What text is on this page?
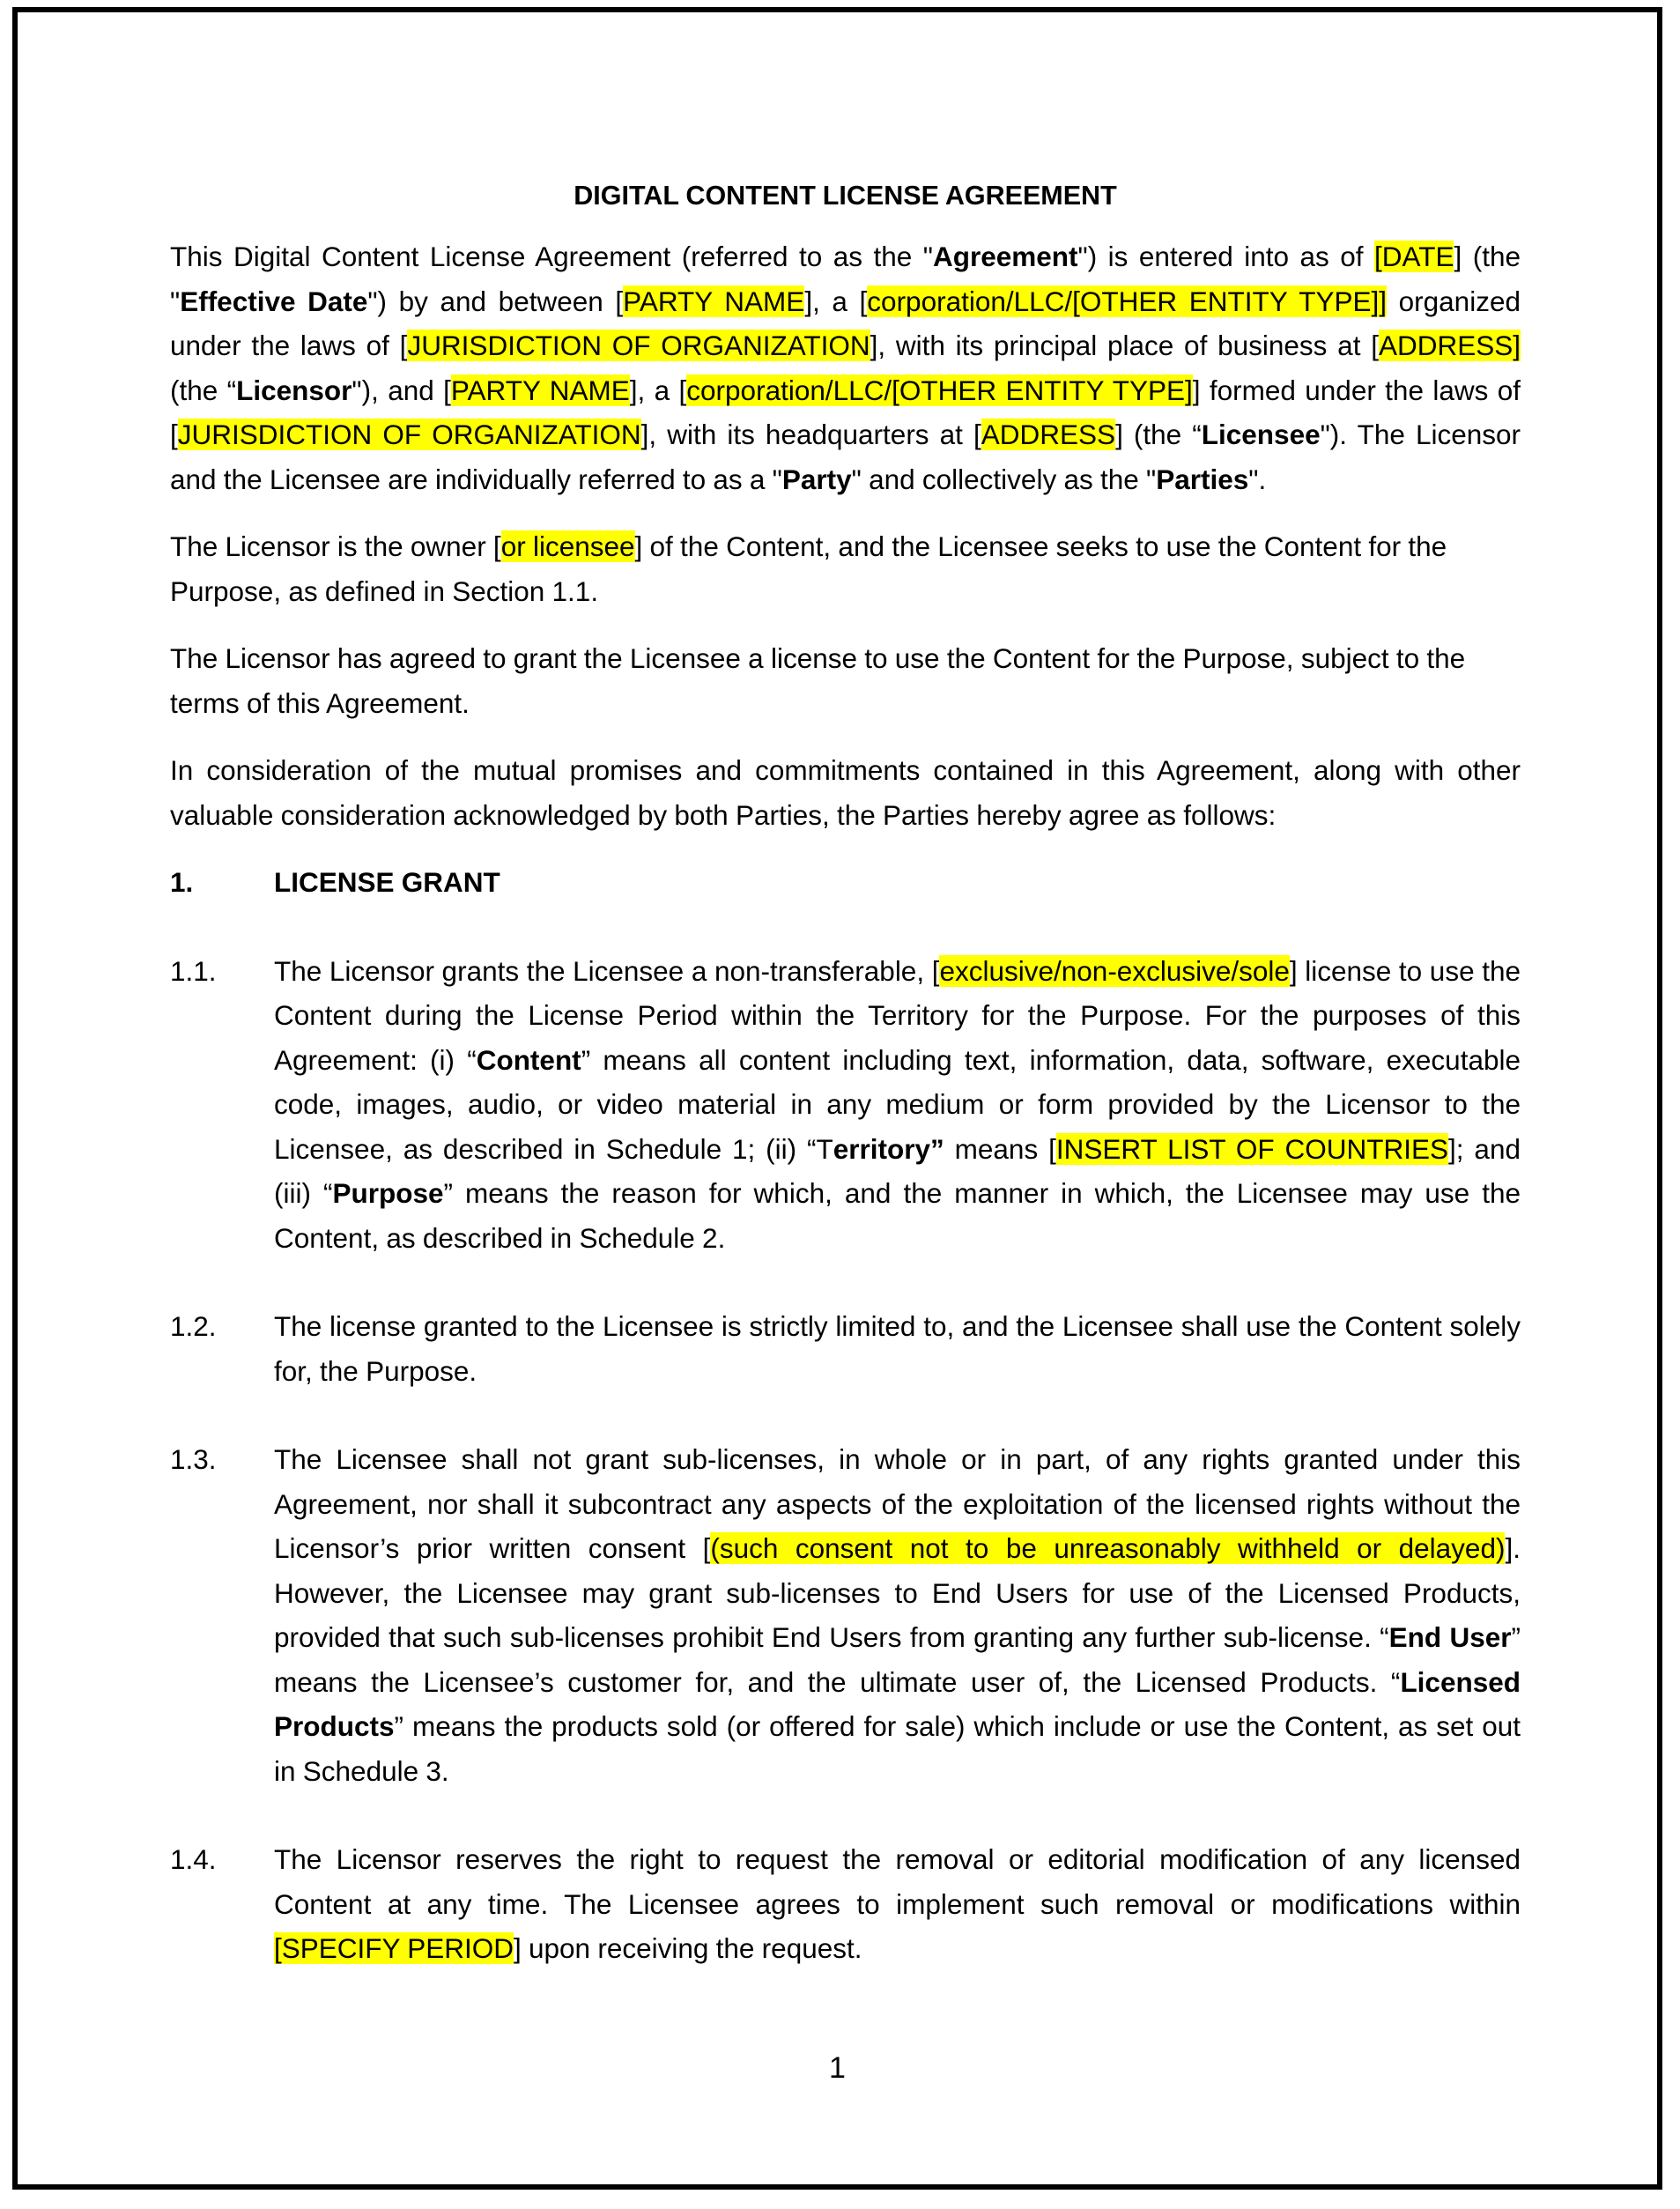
DIGITAL CONTENT LICENSE AGREEMENT

This Digital Content License Agreement (referred to as the "Agreement") is entered into as of [DATE] (the "Effective Date") by and between [PARTY NAME], a [corporation/LLC/[OTHER ENTITY TYPE]] organized under the laws of [JURISDICTION OF ORGANIZATION], with its principal place of business at [ADDRESS] (the “Licensor"), and [PARTY NAME], a [corporation/LLC/[OTHER ENTITY TYPE]] formed under the laws of [JURISDICTION OF ORGANIZATION], with its headquarters at [ADDRESS] (the “Licensee"). The Licensor and the Licensee are individually referred to as a "Party" and collectively as the "Parties".

The Licensor is the owner [or licensee] of the Content, and the Licensee seeks to use the Content for the Purpose, as defined in Section 1.1.

The Licensor has agreed to grant the Licensee a license to use the Content for the Purpose, subject to the terms of this Agreement.

In consideration of the mutual promises and commitments contained in this Agreement, along with other valuable consideration acknowledged by both Parties, the Parties hereby agree as follows:

1.	LICENSE GRANT
1.1.	The Licensor grants the Licensee a non-transferable, [exclusive/non-exclusive/sole] license to use the Content during the License Period within the Territory for the Purpose. For the purposes of this Agreement: (i) “Content” means all content including text, information, data, software, executable code, images, audio, or video material in any medium or form provided by the Licensor to the Licensee, as described in Schedule 1; (ii) “Territory” means [INSERT LIST OF COUNTRIES]; and (iii) “Purpose” means the reason for which, and the manner in which, the Licensee may use the Content, as described in Schedule 2.
1.2.	The license granted to the Licensee is strictly limited to, and the Licensee shall use the Content solely for, the Purpose.
1.3.	The Licensee shall not grant sub-licenses, in whole or in part, of any rights granted under this Agreement, nor shall it subcontract any aspects of the exploitation of the licensed rights without the Licensor’s prior written consent [(such consent not to be unreasonably withheld or delayed)]. However, the Licensee may grant sub-licenses to End Users for use of the Licensed Products, provided that such sub-licenses prohibit End Users from granting any further sub-license. “End User” means the Licensee’s customer for, and the ultimate user of, the Licensed Products. “Licensed Products” means the products sold (or offered for sale) which include or use the Content, as set out in Schedule 3.
1.4.	The Licensor reserves the right to request the removal or editorial modification of any licensed Content at any time. The Licensee agrees to implement such removal or modifications within [SPECIFY PERIOD] upon receiving the request.
1
